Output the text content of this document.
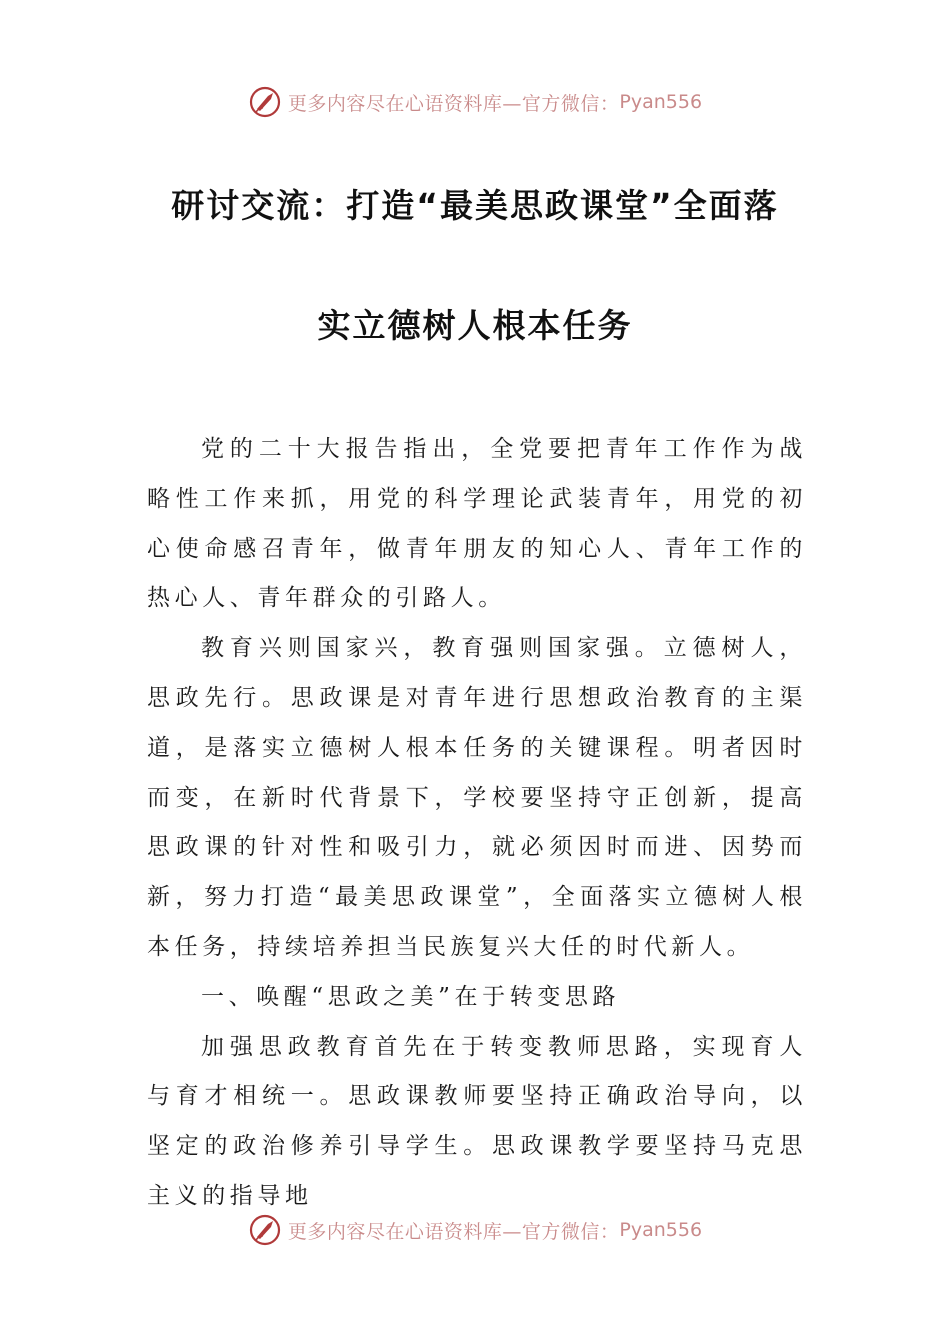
更多内容尽在心语资料库—官方微信： Pyan556
研讨交流：打造“最美思政课堂”全面落
实立德树人根本任务

党的二十大报告指出，全党要把青年工作作为战略性工作来抓，用党的科学理论武装青年，用党的初心使命感召青年，做青年朋友的知心人、青年工作的热心人、青年群众的引路人。

教育兴则国家兴，教育强则国家强。立德树人，思政先行。思政课是对青年进行思想政治教育的主渠道，是落实立德树人根本任务的关键课程。明者因时而变，在新时代背景下，学校要坚持守正创新，提高思政课的针对性和吸引力，就必须因时而进、因势而新，努力打造“最美思政课堂”，全面落实立德树人根本任务，持续培养担当民族复兴大任的时代新人。

一、唤醒“思政之美”在于转变思路

加强思政教育首先在于转变教师思路，实现育人与育才相统一。思政课教师要坚持正确政治导向，以坚定的政治修养引导学生。思政课教学要坚持马克思主义的指导地

更多内容尽在心语资料库—官方微信： Pyan556
